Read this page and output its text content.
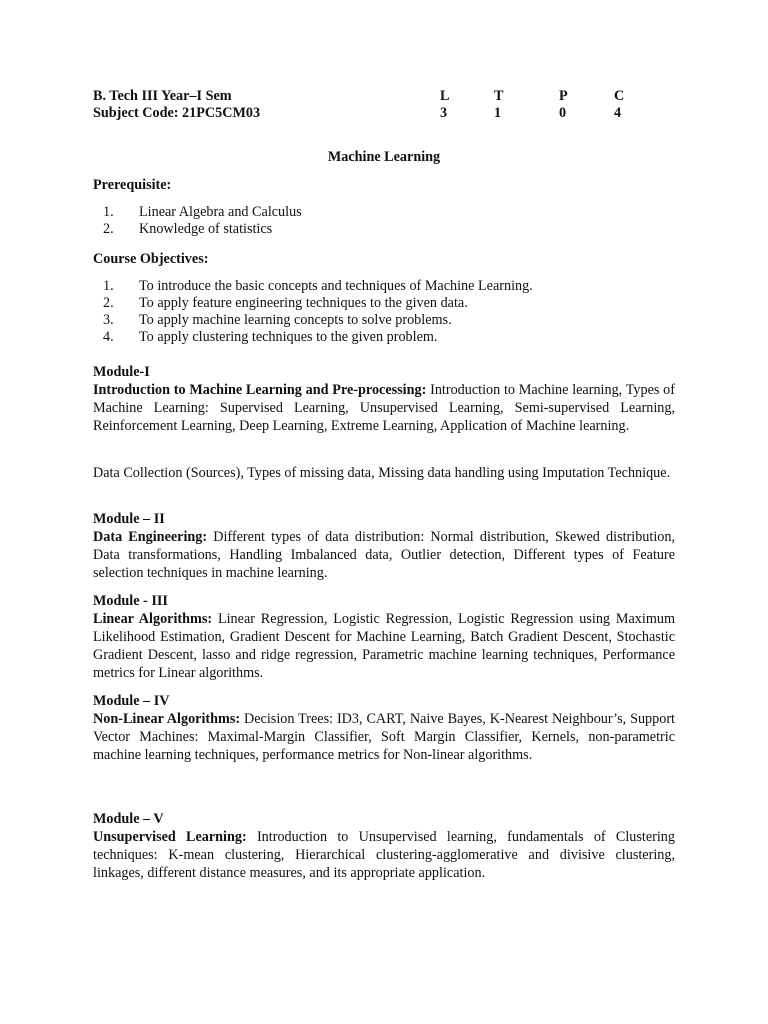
B. Tech III Year–I Sem	L	T	P	C
Subject Code: 21PC5CM03	3	1	0	4
Machine Learning
Prerequisite:
1. Linear Algebra and Calculus
2. Knowledge of statistics
Course Objectives:
1. To introduce the basic concepts and techniques of Machine Learning.
2. To apply feature engineering techniques to the given data.
3. To apply machine learning concepts to solve problems.
4. To apply clustering techniques to the given problem.
Module-I

Introduction to Machine Learning and Pre-processing: Introduction to Machine learning, Types of Machine Learning: Supervised Learning, Unsupervised Learning, Semi-supervised Learning, Reinforcement Learning, Deep Learning, Extreme Learning, Application of Machine learning.

Data Collection (Sources), Types of missing data, Missing data handling using Imputation Technique.

Module – II

Data Engineering: Different types of data distribution: Normal distribution, Skewed distribution, Data transformations, Handling Imbalanced data, Outlier detection, Different types of Feature selection techniques in machine learning.

Module - III

Linear Algorithms: Linear Regression, Logistic Regression, Logistic Regression using Maximum Likelihood Estimation, Gradient Descent for Machine Learning, Batch Gradient Descent, Stochastic Gradient Descent, lasso and ridge regression, Parametric machine learning techniques, Performance metrics for Linear algorithms.

Module – IV

Non-Linear Algorithms: Decision Trees: ID3, CART, Naive Bayes, K-Nearest Neighbour’s, Support Vector Machines: Maximal-Margin Classifier, Soft Margin Classifier, Kernels, non-parametric machine learning techniques, performance metrics for Non-linear algorithms.

Module – V

Unsupervised Learning: Introduction to Unsupervised learning, fundamentals of Clustering techniques: K-mean clustering, Hierarchical clustering-agglomerative and divisive clustering, linkages, different distance measures, and its appropriate application.
